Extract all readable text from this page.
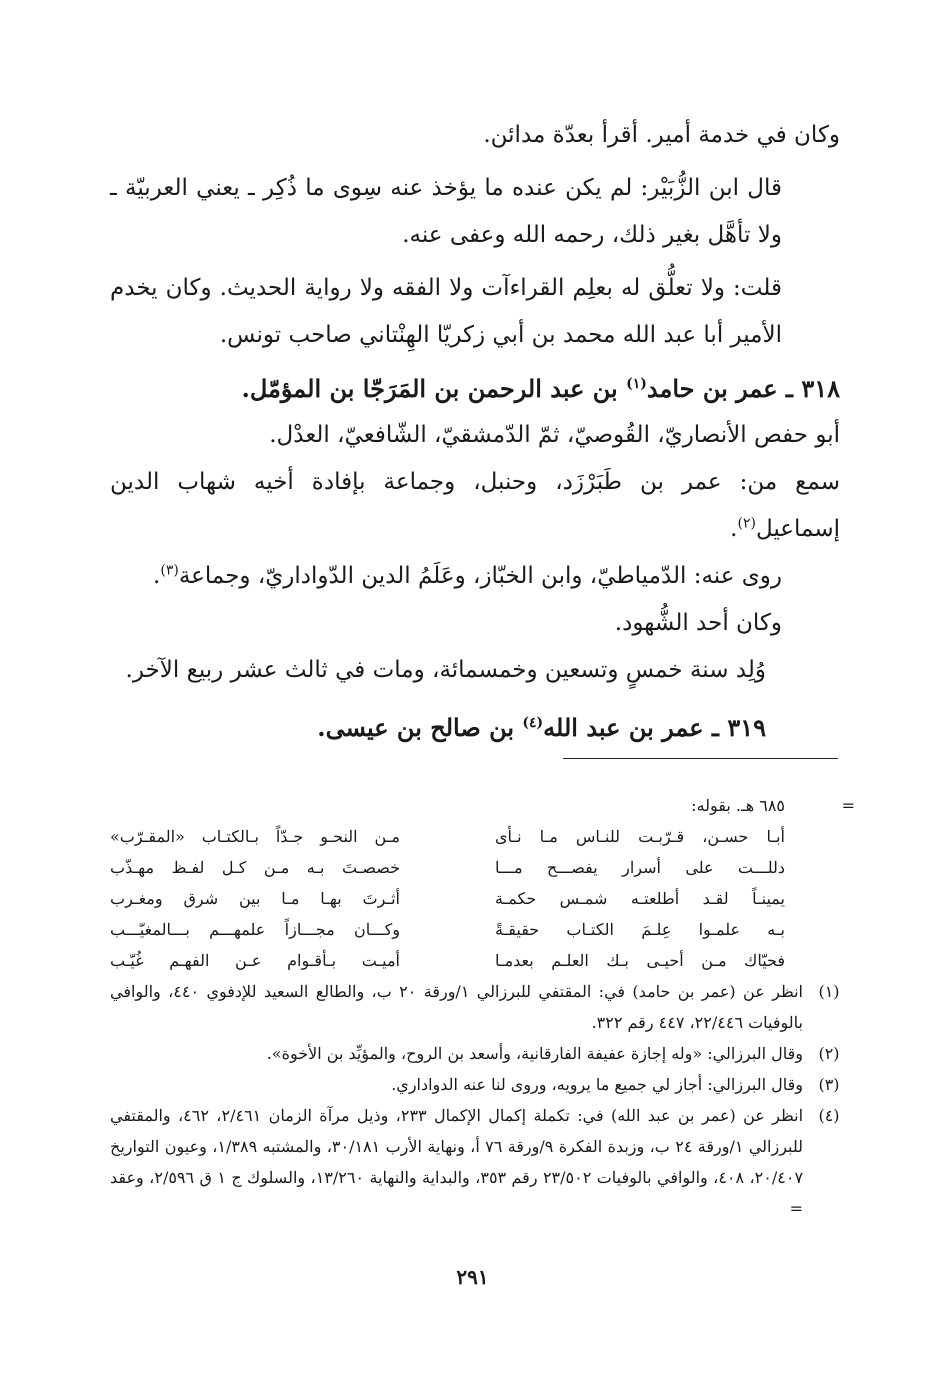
وكان في خدمة أمير. أقرأ بعدّة مدائن.

قال ابن الزُّبَيْر: لم يكن عنده ما يؤخذ عنه سِوى ما ذُكِر ـ يعني العربيّة ـ ولا تأهَّل بغير ذلك، رحمه الله وعفى عنه.

قلت: ولا تعلُّق له بعلِم القراءآت ولا الفقه ولا رواية الحديث. وكان يخدم الأمير أبا عبد الله محمد بن أبي زكريّا الهِنْتاني صاحب تونس.

٣١٨ ـ عمر بن حامد$^{(١)}$ بن عبد الرحمن بن المَرَجّا بن المؤمّل.

أبو حفص الأنصاريّ، القُوصيّ، ثمّ الدّمشقيّ، الشّافعيّ، العدْل.

سمع من: عمر بن طَبَرْزَد، وحنبل، وجماعة بإفادة أخيه شهاب الدين إسماعيل$^{(٢)}$.

روى عنه: الدّمياطيّ، وابن الخبّاز، وعَلَمُ الدين الدّواداريّ، وجماعة$^{(٣)}$.

وكان أحد الشُّهود.

وُلِد سنة خمسٍ وتسعين وخمسمائة، ومات في ثالث عشر ربيع الآخر.

٣١٩ ـ عمر بن عبد الله$^{(٤)}$ بن صالح بن عيسى.

=
٦٨٥ هـ. بقوله:
أبـا حسـن، قـرّبـت للنـاس مـا نـأى
مـن النحـو جـدّاً بـالكتـاب «المقـرّب»
دللـــت على أسرار يفصـــح مـــا
خصصـتَ بـه مـن كـل لفـظ مهـذّب
يمينـاً لقـد أطلعتـه شمـس حكمـة
أثـرتَ بهـا مـا بين شرق ومغـرب
بـه علمـوا عِلـمَ الكتـاب حقيقـةً
وكـــان مجـــازاً علمهـــم بـــالمغيّـــب
فحيّاك مـن أحيـى بـك العلـم بعدمـا
أميـت بـأقـوام عـن الفهـم غُيّـب
(١)
انظر عن (عمر بن حامد) في: المقتفي للبرزالي ١/ورقة ٢٠ ب، والطالع السعيد للإدفوي ٤٤٠، والوافي بالوفيات ٢٢/٤٤٦، ٤٤٧ رقم ٣٢٢.
(٢)
وقال البرزالي: «وله إجازة عفيفة الفارقانية، وأسعد بن الروح، والمؤيِّد بن الأخوة».
(٣)
وقال البرزالي: أجاز لي جميع ما يرويه، وروى لنا عنه الدواداري.
(٤)
انظر عن (عمر بن عبد الله) في: تكملة إكمال الإكمال ٢٣٣، وذيل مرآة الزمان ٢/٤٦١، ٤٦٢، والمقتفي للبرزالي ١/ورقة ٢٤ ب، وزبدة الفكرة ٩/ورقة ٧٦ أ، ونهاية الأرب ٣٠/١٨١، والمشتبه ١/٣٨٩، وعيون التواريخ ٢٠/٤٠٧، ٤٠٨، والوافي بالوفيات ٢٣/٥٠٢ رقم ٣٥٣، والبداية والنهاية ١٣/٢٦٠، والسلوك ج ١ ق ٢/٥٩٦، وعقد =
٢٩١
